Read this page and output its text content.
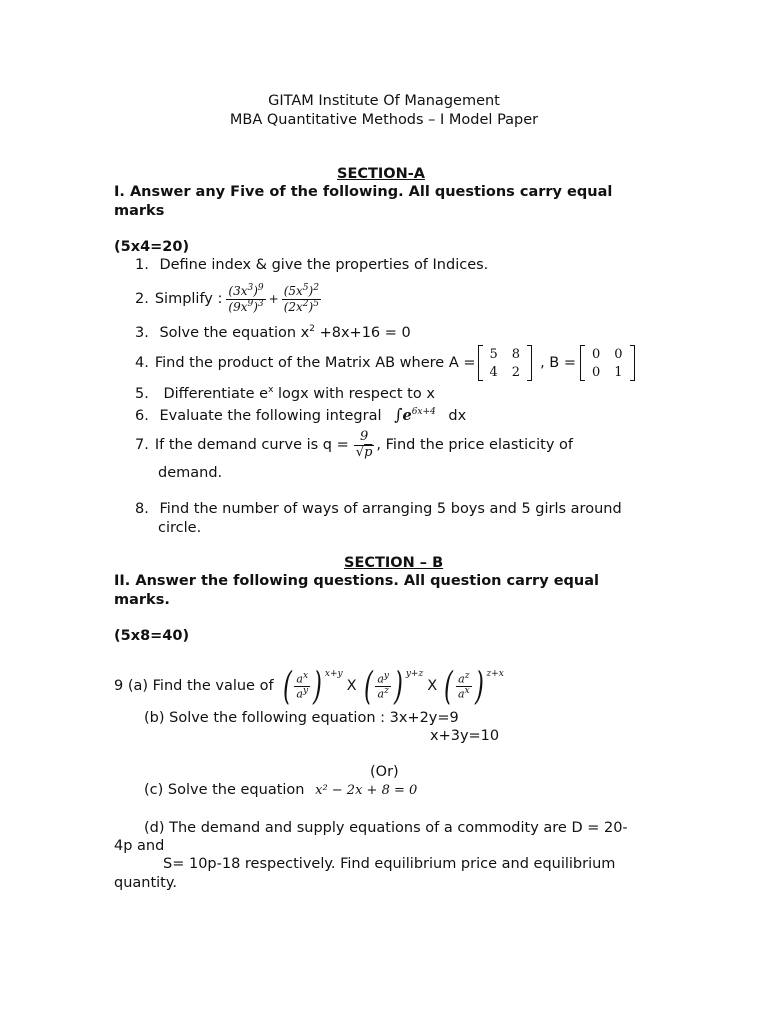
GITAM Institute Of Management
MBA Quantitative Methods – I Model Paper
SECTION-A
I. Answer any Five of the following. All questions carry equal
marks
(5x4=20)
1. Define index & give the properties of Indices.
2. Simplify : $\frac{(3x^3)^9}{(9x^9)^3} + \frac{(5x^5)^2}{(2x^2)^5}$
3. Solve the equation $x^2 +8x+16 = 0$
4. Find the product of the Matrix AB where A =
5	8
4	2
, B =
0	0
0	1
5. Differentiate $e^x$ logx with respect to x
6. Evaluate the following integral $\int e^{6x+4}$ dx
7. If the demand curve is $q = \frac{9}{√p}$ , Find the price elasticity of
demand.
8. Find the number of ways of arranging 5 boys and 5 girls around
circle.
SECTION – B
II. Answer the following questions. All question carry equal
marks.
(5x8=40)
9 (a) Find the value of ( $\frac{a^x}{a^y}$ ) $^{x+y}$
X ( $\frac{a^y}{a^z}$ ) $^{y+z}$
X ( $\frac{a^z}{a^x}$ ) $^{z+x}$
(b) Solve the following equation : 3x+2y=9
x+3y=10
(Or)
(c) Solve the equation x² − 2x + 8 = 0
(d) The demand and supply equations of a commodity are D = 20-
4p and
S= 10p-18 respectively. Find equilibrium price and equilibrium
quantity.
